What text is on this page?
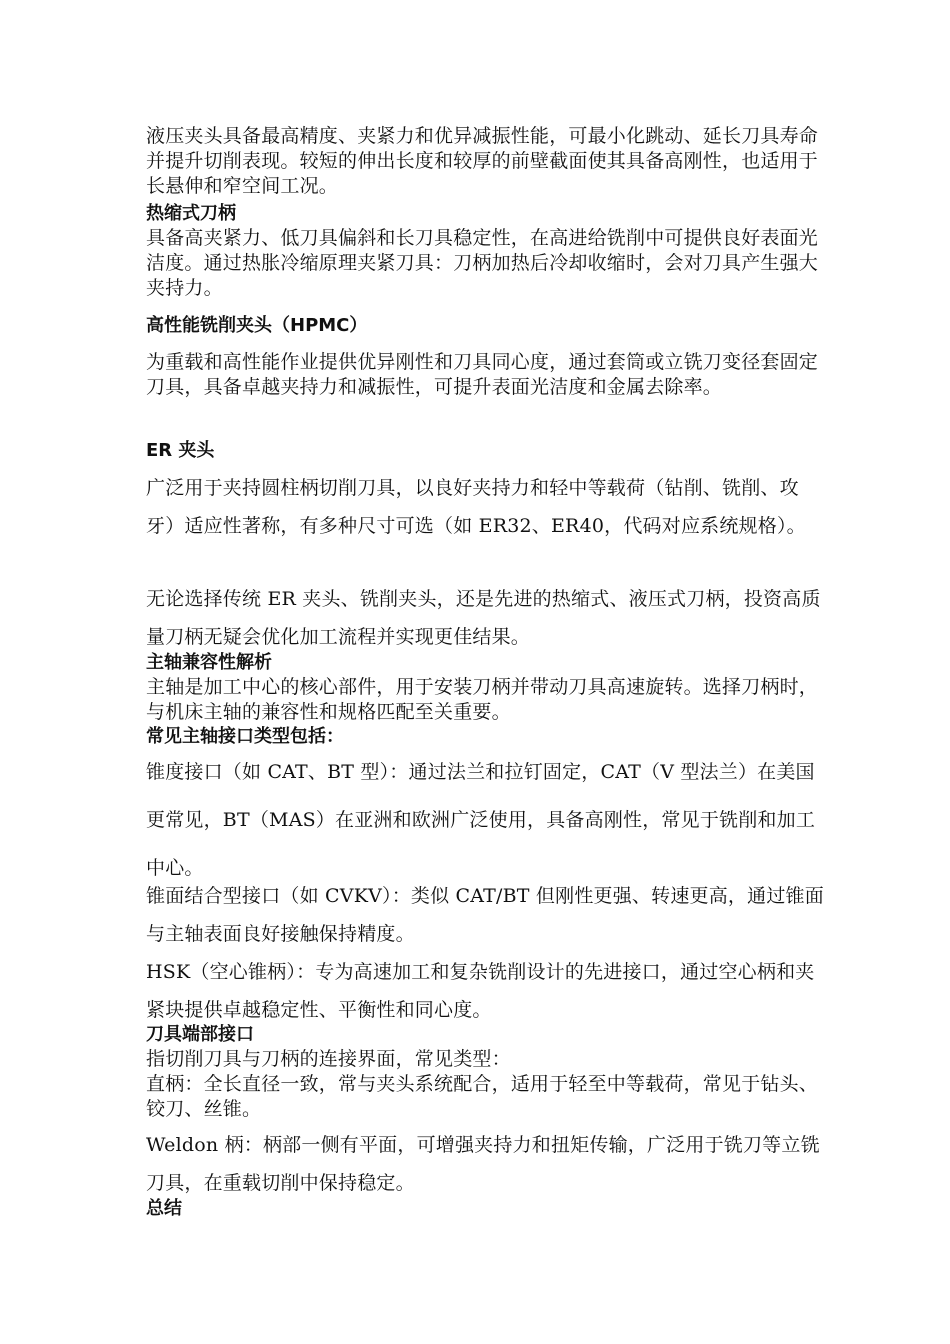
液压夹头具备最高精度、夹紧力和优异减振性能，可最小化跳动、延长刀具寿命并提升切削表现。较短的伸出长度和较厚的前壁截面使其具备高刚性，也适用于长悬伸和窄空间工况。

热缩式刀柄

具备高夹紧力、低刀具偏斜和长刀具稳定性，在高进给铣削中可提供良好表面光洁度。通过热胀冷缩原理夹紧刀具：刀柄加热后冷却收缩时，会对刀具产生强大夹持力。

高性能铣削夹头（HPMC）

为重载和高性能作业提供优异刚性和刀具同心度，通过套筒或立铣刀变径套固定刀具，具备卓越夹持力和减振性，可提升表面光洁度和金属去除率。

ER 夹头

广泛用于夹持圆柱柄切削刀具，以良好夹持力和轻中等载荷（钻削、铣削、攻牙）适应性著称，有多种尺寸可选（如 ER32、ER40，代码对应系统规格）。

无论选择传统 ER 夹头、铣削夹头，还是先进的热缩式、液压式刀柄，投资高质量刀柄无疑会优化加工流程并实现更佳结果。

主轴兼容性解析

主轴是加工中心的核心部件，用于安装刀柄并带动刀具高速旋转。选择刀柄时，与机床主轴的兼容性和规格匹配至关重要。

常见主轴接口类型包括：

锥度接口（如 CAT、BT 型）：通过法兰和拉钉固定，CAT（V 型法兰）在美国更常见，BT（MAS）在亚洲和欧洲广泛使用，具备高刚性，常见于铣削和加工中心。

锥面结合型接口（如 CVKV）：类似 CAT/BT 但刚性更强、转速更高，通过锥面与主轴表面良好接触保持精度。

HSK（空心锥柄）：专为高速加工和复杂铣削设计的先进接口，通过空心柄和夹紧块提供卓越稳定性、平衡性和同心度。

刀具端部接口

指切削刀具与刀柄的连接界面，常见类型：

直柄：全长直径一致，常与夹头系统配合，适用于轻至中等载荷，常见于钻头、铰刀、丝锥。

Weldon 柄：柄部一侧有平面，可增强夹持力和扭矩传输，广泛用于铣刀等立铣刀具，在重载切削中保持稳定。

总结
